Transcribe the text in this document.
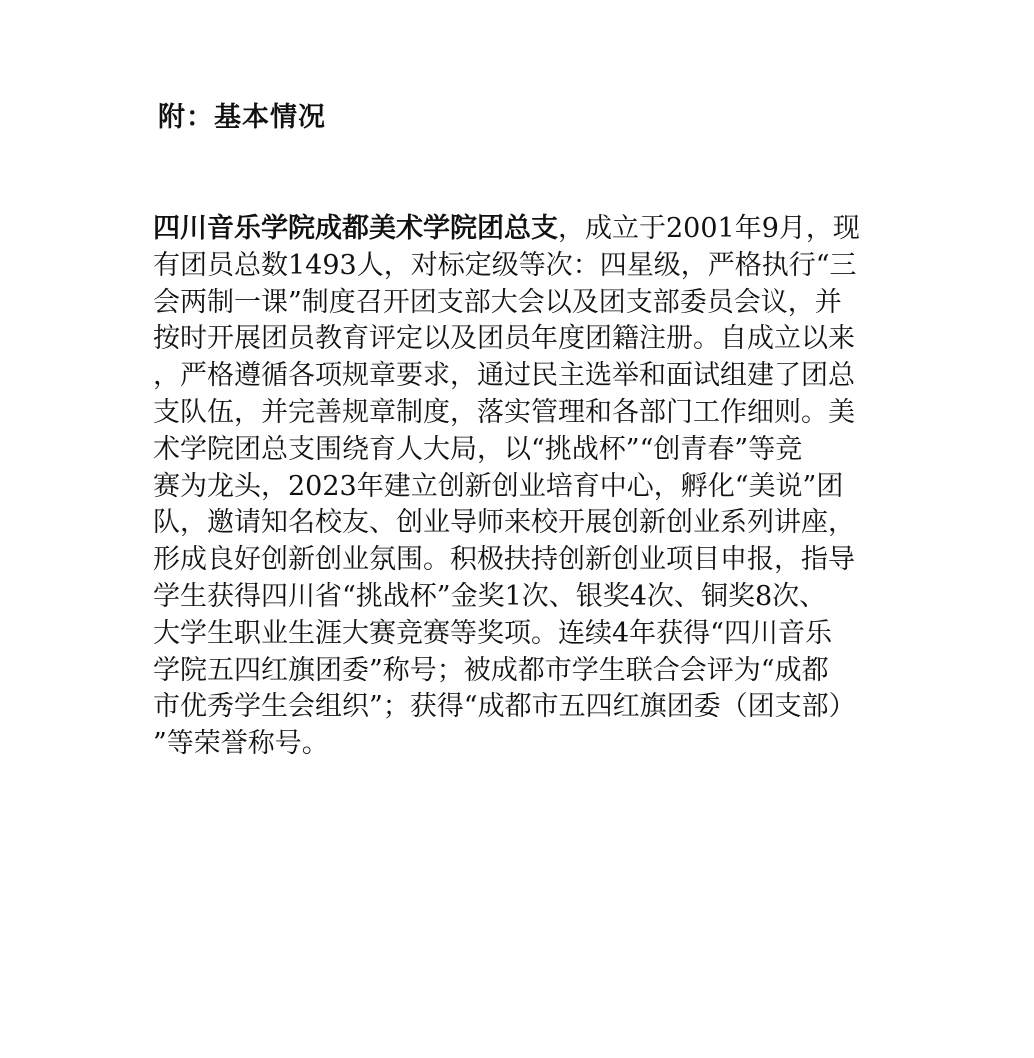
附：基本情况
四川音乐学院成都美术学院团总支，成立于2001年9月，现
有团员总数1493人，对标定级等次：四星级，严格执行“三
会两制一课”制度召开团支部大会以及团支部委员会议，并
按时开展团员教育评定以及团员年度团籍注册。自成立以来
，严格遵循各项规章要求，通过民主选举和面试组建了团总
支队伍，并完善规章制度，落实管理和各部门工作细则。美
术学院团总支围绕育人大局，以“挑战杯”“创青春”等竞
赛为龙头，2023年建立创新创业培育中心，孵化“美说”团
队，邀请知名校友、创业导师来校开展创新创业系列讲座，
形成良好创新创业氛围。积极扶持创新创业项目申报，指导
学生获得四川省“挑战杯”金奖1次、银奖4次、铜奖8次、
大学生职业生涯大赛竞赛等奖项。连续4年获得“四川音乐
学院五四红旗团委”称号；被成都市学生联合会评为“成都
市优秀学生会组织”；获得“成都市五四红旗团委（团支部）
”等荣誉称号。
